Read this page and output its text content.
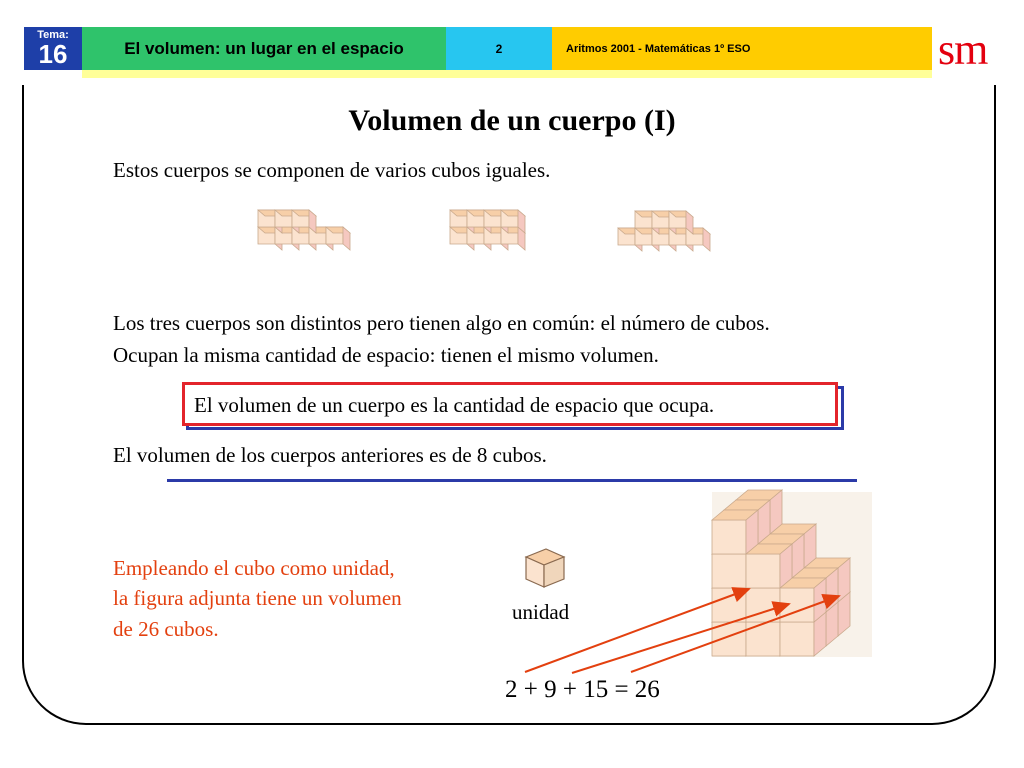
Tema:
16	El volumen: un lugar en el espacio	2	Aritmos 2001 - Matemáticas 1º ESO	sm
Volumen de un cuerpo (I)
Estos cuerpos se componen de varios cubos iguales.
Los tres cuerpos son distintos pero tienen algo en común: el número de cubos.
Ocupan la misma cantidad de espacio: tienen el mismo volumen.
El volumen de un cuerpo es la cantidad de espacio que ocupa.
El volumen de los cuerpos anteriores es de 8 cubos.
Empleando el cubo como unidad,
la figura adjunta tiene un volumen
de 26 cubos.
unidad
2 + 9 + 15 = 26
